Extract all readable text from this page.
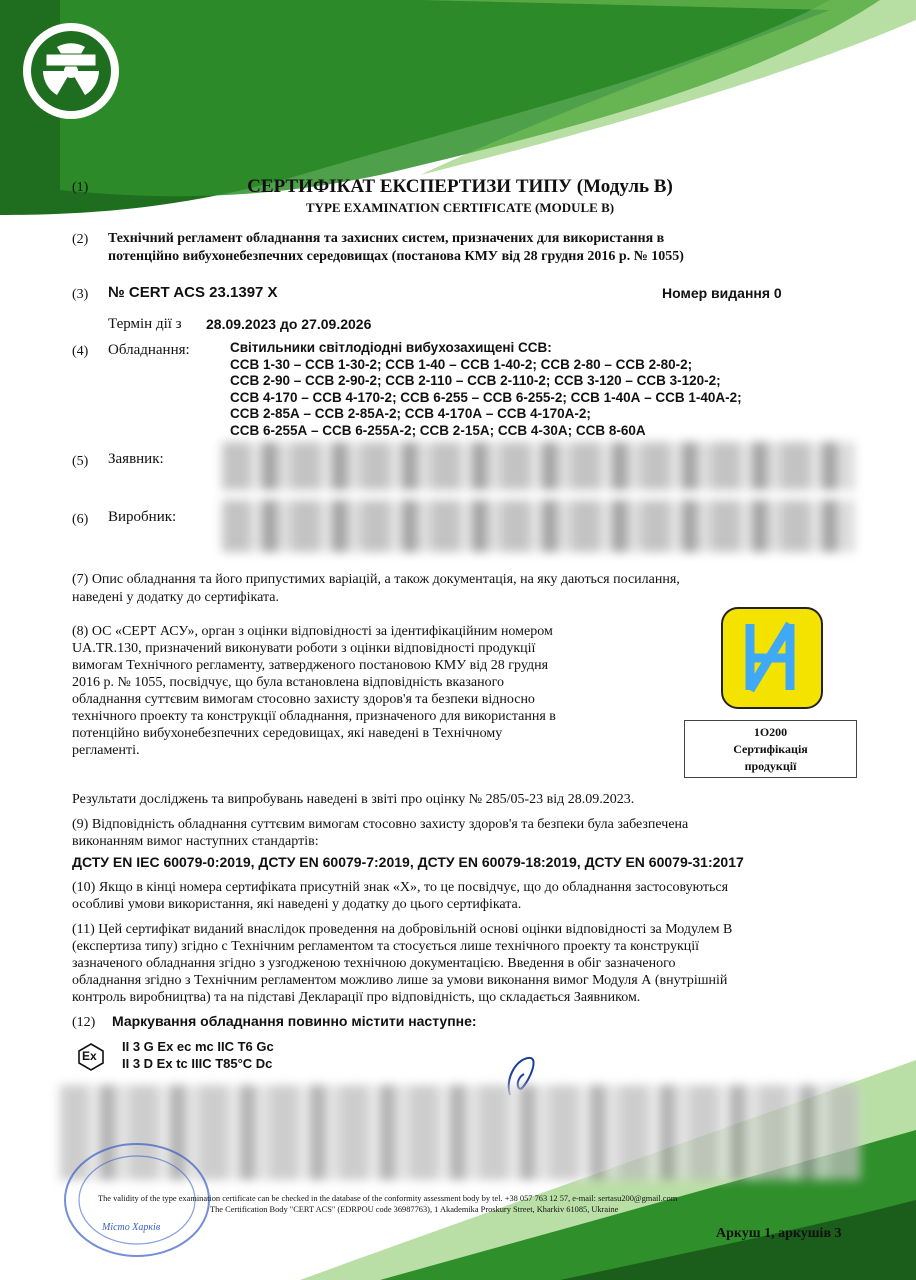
(1)	СЕРТИФІКАТ ЕКСПЕРТИЗИ ТИПУ (Модуль В)
TYPE EXAMINATION CERTIFICATE (MODULE B)
(2) Технічний регламент обладнання та захисних систем, призначених для використання в
потенційно вибухонебезпечних середовищах (постанова КМУ від 28 грудня 2016 р. № 1055)
(3) № CERT ACS 23.1397 X	Номер видання 0
Термін дії з 28.09.2023 до 27.09.2026
(4) Обладнання:	Світильники світлодіодні вибухозахищені ССВ:
ССВ 1-30 – ССВ 1-30-2; ССВ 1-40 – ССВ 1-40-2; ССВ 2-80 – ССВ 2-80-2;
ССВ 2-90 – ССВ 2-90-2; ССВ 2-110 – ССВ 2-110-2; ССВ 3-120 – ССВ 3-120-2;
ССВ 4-170 – ССВ 4-170-2; ССВ 6-255 – ССВ 6-255-2; ССВ 1-40А – ССВ 1-40А-2;
ССВ 2-85А – ССВ 2-85А-2; ССВ 4-170А – ССВ 4-170А-2;
ССВ 6-255А – ССВ 6-255А-2; ССВ 2-15А; ССВ 4-30А; ССВ 8-60А
(5) Заявник:
(6) Виробник:
(7) Опис обладнання та його припустимих варіацій, а також документація, на яку даються посилання,
наведені у додатку до сертифіката.
(8) ОС «СЕРТ АСУ», орган з оцінки відповідності за ідентифікаційним номером
UA.TR.130, призначений виконувати роботи з оцінки відповідності продукції
вимогам Технічного регламенту, затвердженого постановою КМУ від 28 грудня
2016 р. № 1055, посвідчує, що була встановлена відповідність вказаного
обладнання суттєвим вимогам стосовно захисту здоров'я та безпеки відносно
технічного проекту та конструкції обладнання, призначеного для використання в
потенційно вибухонебезпечних середовищах, які наведені в Технічному
регламенті.
1O200
Сертифікація
продукції
Результати досліджень та випробувань наведені в звіті про оцінку № 285/05-23 від 28.09.2023.
(9) Відповідність обладнання суттєвим вимогам стосовно захисту здоров'я та безпеки була забезпечена
виконанням вимог наступних стандартів:
ДСТУ EN IEC 60079-0:2019, ДСТУ EN 60079-7:2019, ДСТУ EN 60079-18:2019, ДСТУ EN 60079-31:2017
(10) Якщо в кінці номера сертифіката присутній знак «Х», то це посвідчує, що до обладнання застосовуються
особливі умови використання, які наведені у додатку до цього сертифіката.
(11) Цей сертифікат виданий внаслідок проведення на добровільній основі оцінки відповідності за Модулем В
(експертиза типу) згідно с Технічним регламентом та стосується лише технічного проекту та конструкції
зазначеного обладнання згідно з узгодженою технічною документацією. Введення в обіг зазначеного
обладнання згідно з Технічним регламентом можливо лише за умови виконання вимог Модуля А (внутрішній
контроль виробництва) та на підставі Декларації про відповідність, що складається Заявником.
(12) Маркування обладнання повинно містити наступне:
Ex
II 3 G Ex ec mc IIC T6 Gc
II 3 D Ex tc IIIC T85°C Dc
Місто Харків
The validity of the type examination certificate can be checked in the database of the conformity assessment body by tel. +38 057 763 12 57, e-mail: sertasu200@gmail.com
The Certification Body "CERT ACS" (EDRPOU code 36987763), 1 Akademika Proskury Street, Kharkiv 61085, Ukraine
Аркуш 1, аркушів 3
